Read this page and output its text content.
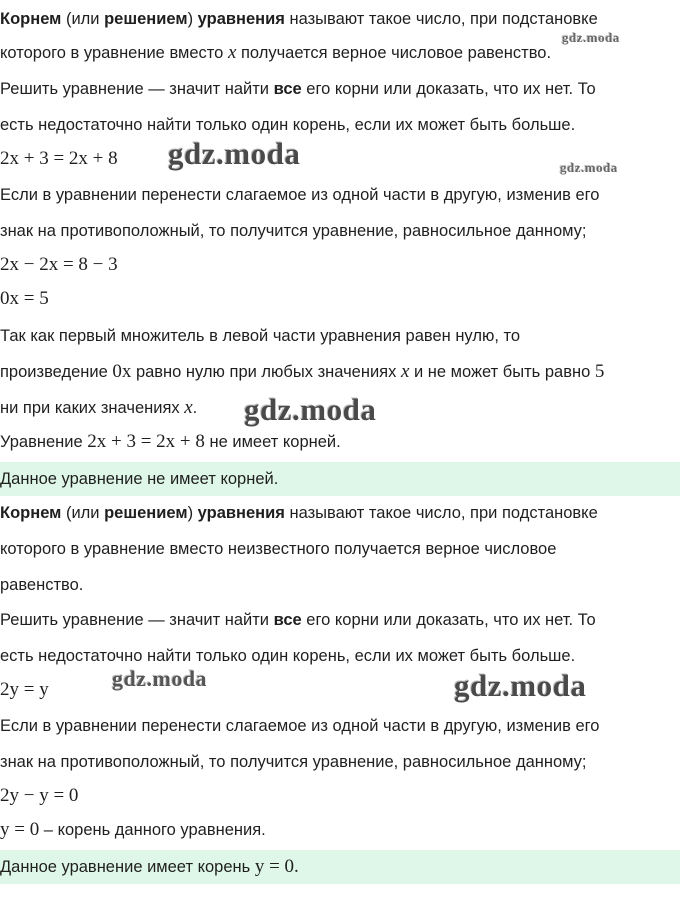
Корнем (или решением) уравнения называют такое число, при подстановке
которого в уравнение вместо x получается верное числовое равенство.
Решить уравнение — значит найти все его корни или доказать, что их нет. То
есть недостаточно найти только один корень, если их может быть больше.
2x + 3 = 2x + 8
Если в уравнении перенести слагаемое из одной части в другую, изменив его
знак на противоположный, то получится уравнение, равносильное данному;
2x − 2x = 8 − 3
0x = 5
Так как первый множитель в левой части уравнения равен нулю, то
произведение 0x равно нулю при любых значениях x и не может быть равно 5
ни при каких значениях x.
Уравнение 2x + 3 = 2x + 8 не имеет корней.
Данное уравнение не имеет корней.
Корнем (или решением) уравнения называют такое число, при подстановке
которого в уравнение вместо неизвестного получается верное числовое
равенство.
Решить уравнение — значит найти все его корни или доказать, что их нет. То
есть недостаточно найти только один корень, если их может быть больше.
2y = y
Если в уравнении перенести слагаемое из одной части в другую, изменив его
знак на противоположный, то получится уравнение, равносильное данному;
2y − y = 0
y = 0 – корень данного уравнения.
Данное уравнение имеет корень y = 0.
gdz.moda
gdz.moda	gdz.moda
gdz.moda
gdz.moda	gdz.moda
